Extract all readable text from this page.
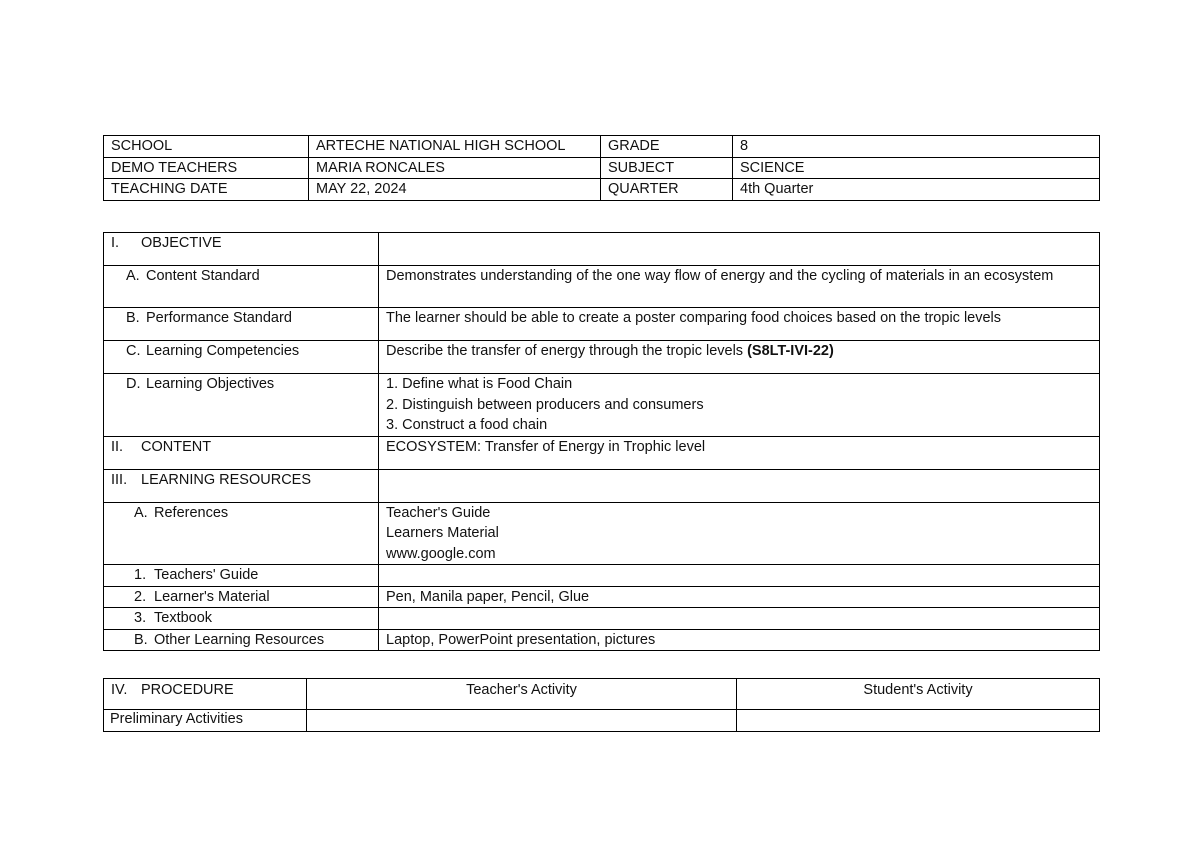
SCHOOL	ARTECHE NATIONAL HIGH SCHOOL	GRADE	8
DEMO TEACHERS	MARIA RONCALES	SUBJECT	SCIENCE
TEACHING DATE	MAY 22, 2024	QUARTER	4th Quarter
I. OBJECTIVE	
A. Content Standard	Demonstrates understanding of the one way flow of energy and the cycling of materials in an ecosystem
B. Performance Standard	The learner should be able to create a poster comparing food choices based on the tropic levels
C. Learning Competencies	Describe the transfer of energy through the tropic levels (S8LT-IVI-22)
D. Learning Objectives	1. Define what is Food Chain
2. Distinguish between producers and consumers
3. Construct a food chain

II. CONTENT	ECOSYSTEM: Transfer of Energy in Trophic level
III. LEARNING RESOURCES	
A. References	Teacher's Guide
Learners Material
www.google.com

1. Teachers' Guide	
2. Learner's Material	Pen, Manila paper, Pencil, Glue
3. Textbook	
B. Other Learning Resources	Laptop, PowerPoint presentation, pictures
IV. PROCEDURE	Teacher's Activity	Student's Activity
Preliminary Activities		
